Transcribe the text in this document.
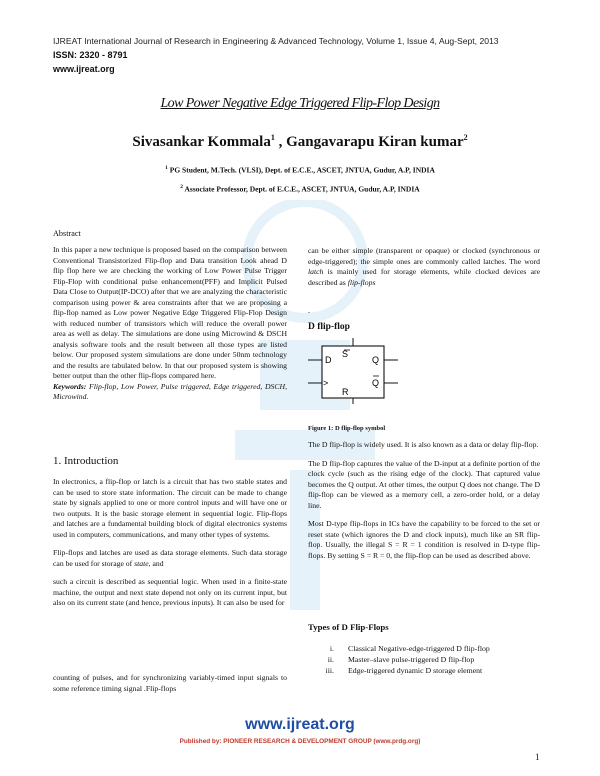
IJREAT International Journal of Research in Engineering & Advanced Technology, Volume 1, Issue 4, Aug-Sept, 2013
ISSN: 2320 - 8791
www.ijreat.org
Low Power Negative Edge Triggered Flip-Flop Design
Sivasankar Kommala$^1$ , Gangavarapu Kiran kumar$^2$
$^1$ PG Student, M.Tech. (VLSI), Dept. of E.C.E., ASCET, JNTUA, Gudur, A.P, INDIA
$^2$ Associate Professor, Dept. of E.C.E., ASCET, JNTUA, Gudur, A.P, INDIA
Abstract

In this paper a new technique is proposed based on the comparison between Conventional Transistorized Flip-flop and Data transition Look ahead D flip flop here we are checking the working of Low Power Pulse Trigger Flip-Flop with conditional pulse enhancement(PFF) and Implicit Pulsed Data Close to Output(IP-DCO) after that we are analyzing the characteristic comparison using power & area constraints after that we are proposing a flip-flop named as Low power Negative Edge Triggered Flip-Flop Design with reduced number of transistors which will reduce the overall power area as well as delay. The simulations are done using Microwind & DSCH analysis software tools and the result between all those types are listed below. Our proposed system simulations are done under 50nm technology and the results are tabulated below. In that our proposed system is showing better output than the other flip-flops compared here.

Keywords: Flip-flop, Low Power, Pulse triggered, Edge triggered, DSCH, Microwind.

1. Introduction

In electronics, a flip-flop or latch is a circuit that has two stable states and can be used to store state information. The circuit can be made to change state by signals applied to one or more control inputs and will have one or two outputs. It is the basic storage element in sequential logic. Flip-flops and latches are a fundamental building block of digital electronics systems used in computers, communications, and many other types of systems.

Flip-flops and latches are used as data storage elements. Such data storage can be used for storage of state, and

such a circuit is described as sequential logic. When used in a finite-state machine, the output and next state depend not only on its current input, but also on its current state (and hence, previous inputs). It can also be used for

counting of pulses, and for synchronizing variably-timed input signals to some reference timing signal .Flip-flops

can be either simple (transparent or opaque) or clocked (synchronous or edge-triggered); the simple ones are commonly called latches. The word latch is mainly used for storage elements, while clocked devices are described as flip-flops

.
D flip-flop
D
S
Q
>	Q
R
Figure 1: D flip-flop symbol

The D flip-flop is widely used. It is also known as a data or delay flip-flop.

The D flip-flop captures the value of the D-input at a definite portion of the clock cycle (such as the rising edge of the clock). That captured value becomes the Q output. At other times, the output Q does not change. The D flip-flop can be viewed as a memory cell, a zero-order hold, or a delay line.

Most D-type flip-flops in ICs have the capability to be forced to the set or reset state (which ignores the D and clock inputs), much like an SR flip-flop. Usually, the illegal S = R = 1 condition is resolved in D-type flip-flops. By setting S = R = 0, the flip-flop can be used as described above.

Types of D Flip-Flops
i.	Classical Negative-edge-triggered D flip-flop
ii.	Master–slave pulse-triggered D flip-flop
iii.	Edge-triggered dynamic D storage element
www.ijreat.org
Published by: PIONEER RESEARCH & DEVELOPMENT GROUP (www.prdg.org)
1
